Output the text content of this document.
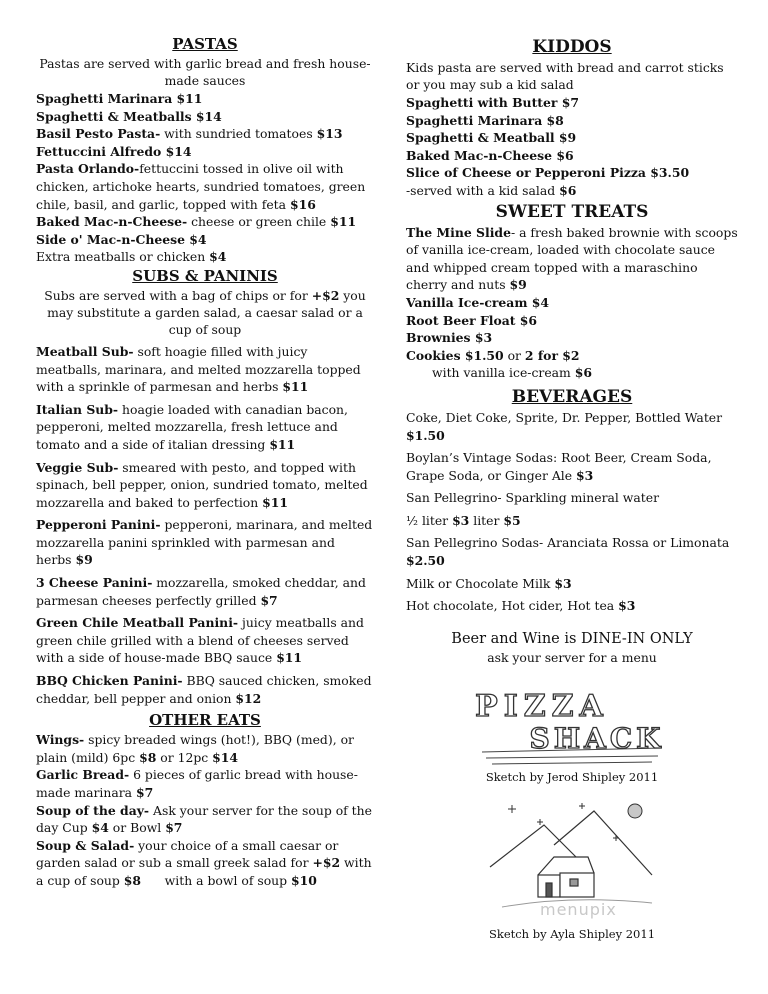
PASTAS

Pastas are served with garlic bread and fresh house-made sauces

Spaghetti Marinara $11

Spaghetti & Meatballs $14

Basil Pesto Pasta- with sundried tomatoes $13

Fettuccini Alfredo $14

Pasta Orlando-fettuccini tossed in olive oil with chicken, artichoke hearts, sundried tomatoes, green chile, basil, and garlic, topped with feta $16

Baked Mac-n-Cheese- cheese or green chile $11

Side o' Mac-n-Cheese $4

Extra meatballs or chicken $4

SUBS & PANINIS

Subs are served with a bag of chips or for +$2 you may substitute a garden salad, a caesar salad or a cup of soup

Meatball Sub- soft hoagie filled with juicy meatballs, marinara, and melted mozzarella topped with a sprinkle of parmesan and herbs $11

Italian Sub- hoagie loaded with canadian bacon, pepperoni, melted mozzarella, fresh lettuce and tomato and a side of italian dressing $11

Veggie Sub- smeared with pesto, and topped with spinach, bell pepper, onion, sundried tomato, melted mozzarella and baked to perfection $11

Pepperoni Panini- pepperoni, marinara, and melted mozzarella panini sprinkled with parmesan and herbs $9

3 Cheese Panini- mozzarella, smoked cheddar, and parmesan cheeses perfectly grilled $7

Green Chile Meatball Panini- juicy meatballs and green chile grilled with a blend of cheeses served with a side of house-made BBQ sauce $11

BBQ Chicken Panini- BBQ sauced chicken, smoked cheddar, bell pepper and onion $12

OTHER EATS

Wings- spicy breaded wings (hot!), BBQ (med), or plain (mild) 6pc $8 or 12pc $14

Garlic Bread- 6 pieces of garlic bread with house-made marinara $7

Soup of the day- Ask your server for the soup of the day Cup $4 or Bowl $7

Soup & Salad- your choice of a small caesar or garden salad or sub a small greek salad for +$2 with a cup of soup $8      with a bowl of soup $10

KIDDOS

Kids pasta are served with bread and carrot sticks or you may sub a kid salad

Spaghetti with Butter $7

Spaghetti Marinara $8

Spaghetti & Meatball $9

Baked Mac-n-Cheese $6

Slice of Cheese or Pepperoni Pizza $3.50

-served with a kid salad $6

SWEET TREATS

The Mine Slide- a fresh baked brownie with scoops of vanilla ice-cream, loaded with chocolate sauce and whipped cream topped with a maraschino cherry and nuts $9

Vanilla Ice-cream $4

Root Beer Float $6

Brownies $3

Cookies $1.50 or 2 for $2

with vanilla ice-cream $6

BEVERAGES

Coke, Diet Coke, Sprite, Dr. Pepper, Bottled Water $1.50

Boylan’s Vintage Sodas: Root Beer, Cream Soda, Grape Soda, or Ginger Ale $3

San Pellegrino- Sparkling mineral water

½ liter $3 liter $5

San Pellegrino Sodas- Aranciata Rossa or Limonata $2.50

Milk or Chocolate Milk $3

Hot chocolate, Hot cider, Hot tea $3

Beer and Wine is DINE-IN ONLY

ask your server for a menu

PIZZA
SHACK

Sketch by Jerod Shipley 2011

Sketch by Ayla Shipley 2011

menupix
